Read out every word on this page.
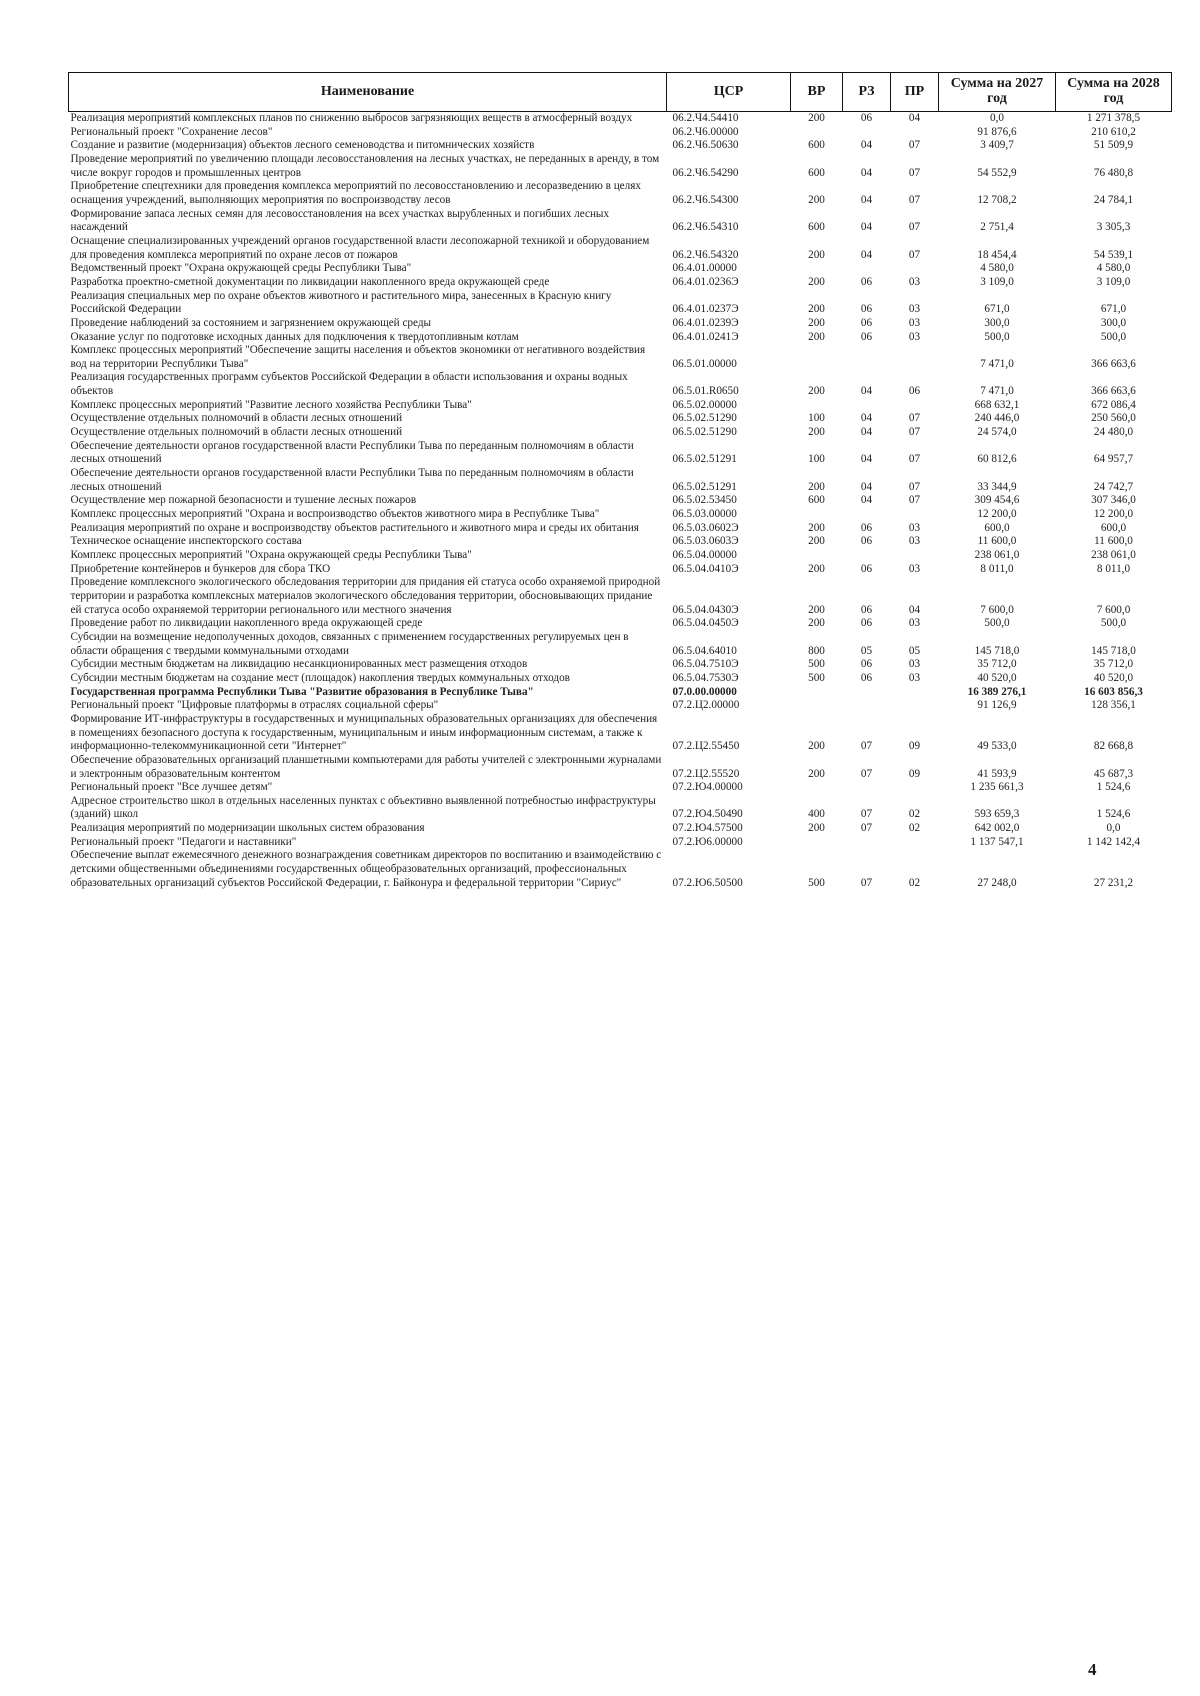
Наименование	ЦСР	ВР	РЗ	ПР	Сумма на 2027 год	Сумма на 2028 год
Реализация мероприятий комплексных планов по снижению выбросов загрязняющих веществ в атмосферный воздух	06.2.Ч4.54410	200	06	04	0,0	1 271 378,5
Региональный проект "Сохранение лесов"	06.2.Ч6.00000				91 876,6	210 610,2
Создание и развитие (модернизация) объектов лесного семеноводства и питомнических хозяйств	06.2.Ч6.50630	600	04	07	3 409,7	51 509,9
Проведение мероприятий по увеличению площади лесовосстановления на лесных участках, не переданных в аренду, в том числе вокруг городов и промышленных центров	06.2.Ч6.54290	600	04	07	54 552,9	76 480,8
Приобретение спецтехники для проведения комплекса мероприятий по лесовосстановлению и лесоразведению в целях оснащения учреждений, выполняющих мероприятия по воспроизводству лесов	06.2.Ч6.54300	200	04	07	12 708,2	24 784,1
Формирование запаса лесных семян для лесовосстановления на всех участках вырубленных и погибших лесных насаждений	06.2.Ч6.54310	600	04	07	2 751,4	3 305,3
Оснащение специализированных учреждений органов государственной власти лесопожарной техникой и оборудованием для проведения комплекса мероприятий по охране лесов от пожаров	06.2.Ч6.54320	200	04	07	18 454,4	54 539,1
Ведомственный проект "Охрана окружающей среды Республики Тыва"	06.4.01.00000				4 580,0	4 580,0
Разработка проектно-сметной документации по ликвидации накопленного вреда окружающей среде	06.4.01.0236Э	200	06	03	3 109,0	3 109,0
Реализация специальных мер по охране объектов животного и растительного мира, занесенных в Красную книгу Российской Федерации	06.4.01.0237Э	200	06	03	671,0	671,0
Проведение наблюдений за состоянием и загрязнением окружающей среды	06.4.01.0239Э	200	06	03	300,0	300,0
Оказание услуг по подготовке исходных данных для подключения к твердотопливным котлам	06.4.01.0241Э	200	06	03	500,0	500,0
Комплекс процессных мероприятий "Обеспечение защиты населения и объектов экономики от негативного воздействия вод на территории Республики Тыва"	06.5.01.00000				7 471,0	366 663,6
Реализация государственных программ субъектов Российской Федерации в области использования и охраны водных объектов	06.5.01.R0650	200	04	06	7 471,0	366 663,6
Комплекс процессных мероприятий "Развитие лесного хозяйства Республики Тыва"	06.5.02.00000				668 632,1	672 086,4
Осуществление отдельных полномочий в области лесных отношений	06.5.02.51290	100	04	07	240 446,0	250 560,0
Осуществление отдельных полномочий в области лесных отношений	06.5.02.51290	200	04	07	24 574,0	24 480,0
Обеспечение деятельности органов государственной власти Республики Тыва по переданным полномочиям в области лесных отношений	06.5.02.51291	100	04	07	60 812,6	64 957,7
Обеспечение деятельности органов государственной власти Республики Тыва по переданным полномочиям в области лесных отношений	06.5.02.51291	200	04	07	33 344,9	24 742,7
Осуществление мер пожарной безопасности и тушение лесных пожаров	06.5.02.53450	600	04	07	309 454,6	307 346,0
Комплекс процессных мероприятий "Охрана и воспроизводство объектов животного мира в Республике Тыва"	06.5.03.00000				12 200,0	12 200,0
Реализация мероприятий по охране и воспроизводству объектов растительного и животного мира и среды их обитания	06.5.03.0602Э	200	06	03	600,0	600,0
Техническое оснащение инспекторского состава	06.5.03.0603Э	200	06	03	11 600,0	11 600,0
Комплекс процессных мероприятий "Охрана окружающей среды Республики Тыва"	06.5.04.00000				238 061,0	238 061,0
Приобретение контейнеров и бункеров для сбора ТКО	06.5.04.0410Э	200	06	03	8 011,0	8 011,0
Проведение комплексного экологического обследования территории для придания ей статуса особо охраняемой природной территории и разработка комплексных материалов экологического обследования территории, обосновывающих придание ей статуса особо охраняемой территории регионального или местного значения	06.5.04.0430Э	200	06	04	7 600,0	7 600,0
Проведение работ по ликвидации накопленного вреда окружающей среде	06.5.04.0450Э	200	06	03	500,0	500,0
Субсидии на возмещение недополученных доходов, связанных с применением государственных регулируемых цен в области обращения с твердыми коммунальными отходами	06.5.04.64010	800	05	05	145 718,0	145 718,0
Субсидии местным бюджетам на ликвидацию несанкционированных мест размещения отходов	06.5.04.7510Э	500	06	03	35 712,0	35 712,0
Субсидии местным бюджетам на создание мест (площадок) накопления твердых коммунальных отходов	06.5.04.7530Э	500	06	03	40 520,0	40 520,0
Государственная программа Республики Тыва "Развитие образования в Республике Тыва"	07.0.00.00000				16 389 276,1	16 603 856,3
Региональный проект "Цифровые платформы в отраслях социальной сферы"	07.2.Ц2.00000				91 126,9	128 356,1
Формирование ИТ-инфраструктуры в государственных и муниципальных образовательных организациях для обеспечения в помещениях безопасного доступа к государственным, муниципальным и иным информационным системам, а также к информационно-телекоммуникационной сети "Интернет"	07.2.Ц2.55450	200	07	09	49 533,0	82 668,8
Обеспечение образовательных организаций планшетными компьютерами для работы учителей с электронными журналами и электронным образовательным контентом	07.2.Ц2.55520	200	07	09	41 593,9	45 687,3
Региональный проект "Все лучшее детям"	07.2.Ю4.00000				1 235 661,3	1 524,6
Адресное строительство школ в отдельных населенных пунктах с объективно выявленной потребностью инфраструктуры (зданий) школ	07.2.Ю4.50490	400	07	02	593 659,3	1 524,6
Реализация мероприятий по модернизации школьных систем образования	07.2.Ю4.57500	200	07	02	642 002,0	0,0
Региональный проект "Педагоги и наставники"	07.2.Ю6.00000				1 137 547,1	1 142 142,4
Обеспечение выплат ежемесячного денежного вознаграждения советникам директоров по воспитанию и взаимодействию с детскими общественными объединениями государственных общеобразовательных организаций, профессиональных образовательных организаций субъектов Российской Федерации, г. Байконура и федеральной территории "Сириус"	07.2.Ю6.50500	500	07	02	27 248,0	27 231,2
4
